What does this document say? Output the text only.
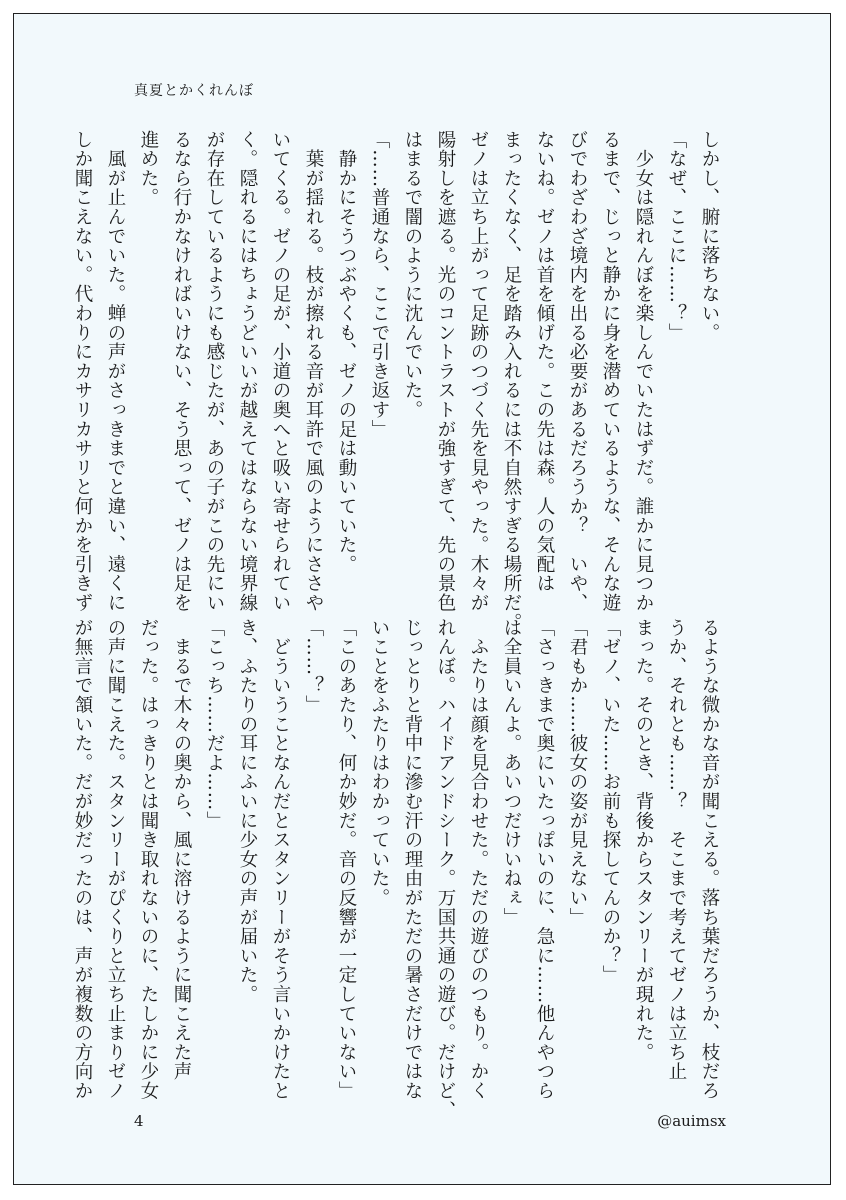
真夏とかくれんぼ

しかし、腑に落ちない。

「なぜ、ここに……？」

　少女は隠れんぼを楽しんでいたはずだ。誰かに見つか

るまで、じっと静かに身を潜めているような、そんな遊

びでわざわざ境内を出る必要があるだろうか？　いや、

ないね。ゼノは首を傾げた。この先は森。人の気配は

まったくなく、足を踏み入れるには不自然すぎる場所だ。

ゼノは立ち上がって足跡のつづく先を見やった。木々が

陽射しを遮る。光のコントラストが強すぎて、先の景色

はまるで闇のように沈んでいた。

「……普通なら、ここで引き返す」

　静かにそうつぶやくも、ゼノの足は動いていた。

　葉が揺れる。枝が擦れる音が耳許で風のようにささや

いてくる。ゼノの足が、小道の奥へと吸い寄せられてい

く。隠れるにはちょうどいいが越えてはならない境界線

が存在しているようにも感じたが、あの子がこの先にい

るなら行かなければいけない、そう思って、ゼノは足を

進めた。

　風が止んでいた。蝉の声がさっきまでと違い、遠くに

しか聞こえない。代わりにカサリカサリと何かを引きず

るような微かな音が聞こえる。落ち葉だろうか、枝だろ

うか、それとも……？　そこまで考えてゼノは立ち止

まった。そのとき、背後からスタンリーが現れた。

「ゼノ、いた……お前も探してんのか？」

「君もか……彼女の姿が見えない」

「さっきまで奥にいたっぽいのに、急に……他んやつら

は全員いんよ。あいつだけいねぇ」

　ふたりは顔を見合わせた。ただの遊びのつもり。かく

れんぼ。ハイドアンドシーク。万国共通の遊び。だけど、

じっとりと背中に滲む汗の理由がただの暑さだけではな

いことをふたりはわかっていた。

「このあたり、何か妙だ。音の反響が一定していない」

「……？」

　どういうことなんだとスタンリーがそう言いかけたと

き、ふたりの耳にふいに少女の声が届いた。

「こっち……だよ……」

　まるで木々の奥から、風に溶けるように聞こえた声

だった。はっきりとは聞き取れないのに、たしかに少女

の声に聞こえた。スタンリーがぴくりと立ち止まりゼノ

が無言で頷いた。だが妙だったのは、声が複数の方向か

4	@auimsx
